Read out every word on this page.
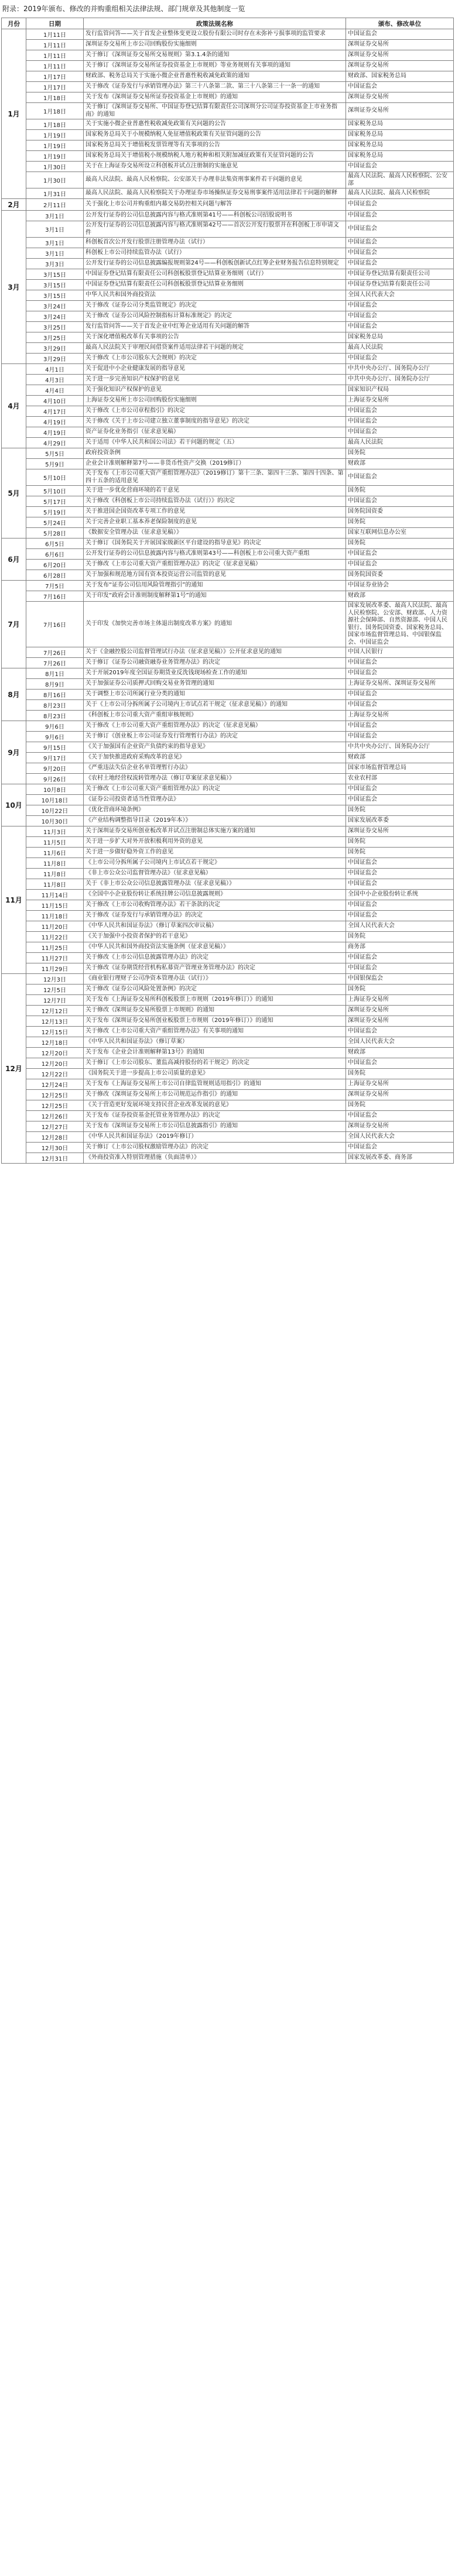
附录：2019年颁布、修改的并购重组相关法律法规、部门规章及其他制度一览
月份	日期	政策法规名称	颁布、修改单位
1月	1月11日	发行监管问答——关于首发企业整体变更设立股份有限公司时存在未弥补亏损事项的监管要求	中国证监会
	1月11日	深圳证券交易所上市公司回购股份实施细则	深圳证券交易所
	1月11日	关于修订《深圳证券交易所交易规则》第3.1.4条的通知	深圳证券交易所
	1月11日	关于修订《深圳证券交易所证券投资基金上市规则》等业务规则有关事项的通知	深圳证券交易所
	1月17日	财政部、税务总局关于实施小微企业普惠性税收减免政策的通知	财政部、国家税务总局
	1月17日	关于修改《证券发行与承销管理办法》第三十八条第二款、第三十八条第三十一条一的通知	中国证监会
	1月18日	关于发布《深圳证券交易所证券投资基金上市规则》的通知	深圳证券交易所
	1月18日	关于修订《深圳证券交易所、中国证券登记结算有限责任公司深圳分公司证券投资基金上市业务指南》的通知	深圳证券交易所
	1月18日	关于实施小微企业普惠性税收减免政策有关问题的公告	国家税务总局
	1月19日	国家税务总局关于小规模纳税人免征增值税政策有关征管问题的公告	国家税务总局
	1月19日	国家税务总局关于增值税发票管理等有关事项的公告	国家税务总局
	1月19日	国家税务总局关于增值税小规模纳税人地方税种和相关附加减征政策有关征管问题的公告	国家税务总局
	1月30日	关于在上海证券交易所设立科创板并试点注册制的实施意见	中国证监会
	1月30日	最高人民法院、最高人民检察院、公安部关于办理非法集资刑事案件若干问题的意见	最高人民法院、最高人民检察院、公安部
	1月31日	最高人民法院、最高人民检察院关于办理证券市场操纵证券交易刑事案件适用法律若干问题的解释	最高人民法院、最高人民检察院
2月	2月11日	关于强化上市公司并购重组内幕交易防控相关问题与解答	中国证监会
3月	3月1日	公开发行证券的公司信息披露内容与格式准则第41号——科创板公司招股说明书	中国证监会
	3月1日	公开发行证券的公司信息披露内容与格式准则第42号——首次公开发行股票并在科创板上市申请文件	中国证监会
	3月1日	科创板首次公开发行股票注册管理办法（试行）	中国证监会
	3月1日	科创板上市公司持续监管办法（试行）	中国证监会
	3月3日	公开发行证券的公司信息披露编报规则第24号——科创板创新试点红筹企业财务报告信息特别规定	中国证监会
	3月15日	中国证券登记结算有限责任公司科创板股票登记结算业务细则（试行）	中国证券登记结算有限责任公司
	3月15日	中国证券登记结算有限责任公司科创板股票登记结算业务细则	中国证券登记结算有限责任公司
	3月15日	中华人民共和国外商投资法	全国人民代表大会
	3月24日	关于修改《证券公司分类监管规定》的决定	中国证监会
	3月24日	关于修改《证券公司风险控制指标计算标准规定》的决定	中国证监会
	3月25日	发行监管问答——关于首发企业中红筹企业适用有关问题的解答	中国证监会
	3月25日	关于深化增值税改革有关事项的公告	国家税务总局
	3月29日	最高人民法院关于审理民间借贷案件适用法律若干问题的规定	最高人民法院
	3月29日	关于修改《上市公司股东大会规则》的决定	中国证监会
4月	4月1日	关于促进中小企业健康发展的指导意见	中共中央办公厅、国务院办公厅
	4月3日	关于进一步完善知识产权保护的意见	中共中央办公厅、国务院办公厅
	4月4日	关于强化知识产权保护的意见	国家知识产权局
	4月10日	上海证券交易所上市公司回购股份实施细则	上海证券交易所
	4月17日	关于修改《上市公司章程指引》的决定	中国证监会
	4月19日	关于修改《关于上市公司建立独立董事制度的指导意见》的决定	中国证监会
	4月19日	资产证券化业务指引（征求意见稿）	中国证监会
	4月29日	关于适用《中华人民共和国公司法》若干问题的规定（五）	最高人民法院
5月	5月5日	政府投资条例	国务院
	5月9日	企业会计准则解释第7号——非货币性资产交换（2019修订）	财政部
	5月10日	关于发布《上市公司重大资产重组管理办法》（2019修订）第十三条、第四十三条、第四十四条、第四十五条的适用意见	中国证监会
	5月10日	关于进一步优化营商环境的若干意见	国务院
	5月17日	关于修改《科创板上市公司持续监管办法（试行）》的决定	中国证监会
	5月19日	关于推进国企国资改革专项工作的意见	国务院国资委
	5月24日	关于完善企业职工基本养老保险制度的意见	国务院
	5月28日	《数据安全管理办法（征求意见稿）》	国家互联网信息办公室
6月	6月5日	关于修订《国务院关于开展国家级新区平台建设的指导意见》的决定	国务院
	6月6日	公开发行证券的公司信息披露内容与格式准则第43号——科创板上市公司重大资产重组	中国证监会
	6月20日	关于修改《上市公司重大资产重组管理办法》的决定（征求意见稿）	中国证监会
	6月28日	关于加强和规范地方国有资本投资运营公司监管的意见	国务院国资委
7月	7月5日	关于发布“证券公司信用风险管理指引”的通知	中国证券业协会
	7月16日	关于印发“政府会计准则制度解释第1号”的通知	财政部
	7月16日	关于印发《加快完善市场主体退出制度改革方案》的通知	国家发展改革委、最高人民法院、最高人民检察院、公安部、财政部、人力资源社会保障部、自然资源部、中国人民银行、国务院国资委、国家税务总局、国家市场监督管理总局、中国银保监会、中国证监会
	7月26日	关于《金融控股公司监督管理试行办法（征求意见稿）》公开征求意见的通知	中国人民银行
	7月26日	关于修订《证券公司融资融券业务管理办法》的决定	中国证监会
8月	8月1日	关于开展2019年度全国证券期货业反洗钱现场检查工作的通知	中国证监会
	8月9日	关于加强证券公司质押式回购交易业务管理的通知	上海证券交易所、深圳证券交易所
	8月16日	关于调整上市公司所属行业分类的通知	中国证监会
	8月23日	关于《上市公司分拆所属子公司境内上市试点若干规定（征求意见稿）》的通知	中国证监会
	8月23日	《科创板上市公司重大资产重组审核规则》	上海证券交易所
9月	9月6日	关于修改《上市公司重大资产重组管理办法》的决定（征求意见稿）	中国证监会
	9月6日	关于修订《创业板上市公司证券发行管理暂行办法》的决定	中国证监会
	9月15日	《关于加强国有企业资产负债约束的指导意见》	中共中央办公厅、国务院办公厅
	9月17日	《关于加快推进政府采购改革的意见》	财政部
	9月20日	《严重违法失信企业名单管理暂行办法》	国家市场监督管理总局
	9月26日	《农村土地经营权流转管理办法（修订草案征求意见稿）》	农业农村部
10月	10月8日	关于修改《上市公司重大资产重组管理办法》的决定	中国证监会
	10月18日	《证券公司投资者适当性管理办法》	中国证监会
	10月22日	《优化营商环境条例》	国务院
	10月30日	《产业结构调整指导目录（2019年本）》	国家发展改革委
11月	11月3日	关于深圳证券交易所创业板改革并试点注册制总体实施方案的通知	深圳证券交易所
	11月5日	关于进一步扩大对外开放积极利用外资的意见	国务院
	11月6日	关于进一步做好稳外资工作的意见	国务院
	11月8日	《上市公司分拆所属子公司境内上市试点若干规定》	中国证监会
	11月8日	《非上市公众公司监督管理办法》（征求意见稿）	中国证监会
	11月8日	关于《非上市公众公司信息披露管理办法（征求意见稿）》	中国证监会
	11月14日	《全国中小企业股份转让系统挂牌公司信息披露规则》	全国中小企业股份转让系统
	11月15日	关于修改《上市公司收购管理办法》若干条款的决定	中国证监会
	11月18日	关于修改《证券发行与承销管理办法》的决定	中国证监会
	11月20日	《中华人民共和国证券法》（修订草案四次审议稿）	全国人民代表大会
	11月22日	《关于加强中小投资者保护的若干意见》	国务院
	11月25日	《中华人民共和国外商投资法实施条例（征求意见稿）》	商务部
	11月27日	关于修改《上市公司信息披露管理办法》的决定	中国证监会
	11月29日	关于修改《证券期货经营机构私募资产管理业务管理办法》的决定	中国证监会
12月	12月3日	《商业银行理财子公司净资本管理办法（试行）》	中国银保监会
	12月5日	关于修改《证券公司风险处置条例》的决定	国务院
	12月7日	关于发布《上海证券交易所科创板股票上市规则（2019年修订）》的通知	上海证券交易所
	12月12日	关于修改《深圳证券交易所股票上市规则》的通知	深圳证券交易所
	12月13日	关于发布《深圳证券交易所创业板股票上市规则（2019年修订）》的通知	深圳证券交易所
	12月15日	关于修改《上市公司重大资产重组管理办法》有关事项的通知	中国证监会
	12月18日	《中华人民共和国证券法》（修订草案）	全国人民代表大会
	12月20日	关于发布《企业会计准则解释第13号》的通知	财政部
	12月20日	关于修订《上市公司股东、董监高减持股份的若干规定》的决定	中国证监会
	12月22日	《国务院关于进一步提高上市公司质量的意见》	国务院
	12月24日	关于发布《上海证券交易所上市公司自律监管规则适用指引》的通知	上海证券交易所
	12月25日	关于修改《深圳证券交易所上市公司规范运作指引》的通知	深圳证券交易所
	12月25日	《关于营造更好发展环境支持民营企业改革发展的意见》	国务院
	12月26日	关于发布《证券投资基金托管业务管理办法》的决定	中国证监会
	12月27日	关于发布《深圳证券交易所上市公司信息披露指引》的通知	深圳证券交易所
	12月28日	《中华人民共和国证券法》（2019年修订）	全国人民代表大会
	12月30日	关于修订《上市公司股权激励管理办法》的决定	中国证监会
	12月31日	《外商投资准入特别管理措施（负面清单）》	国家发展改革委、商务部
